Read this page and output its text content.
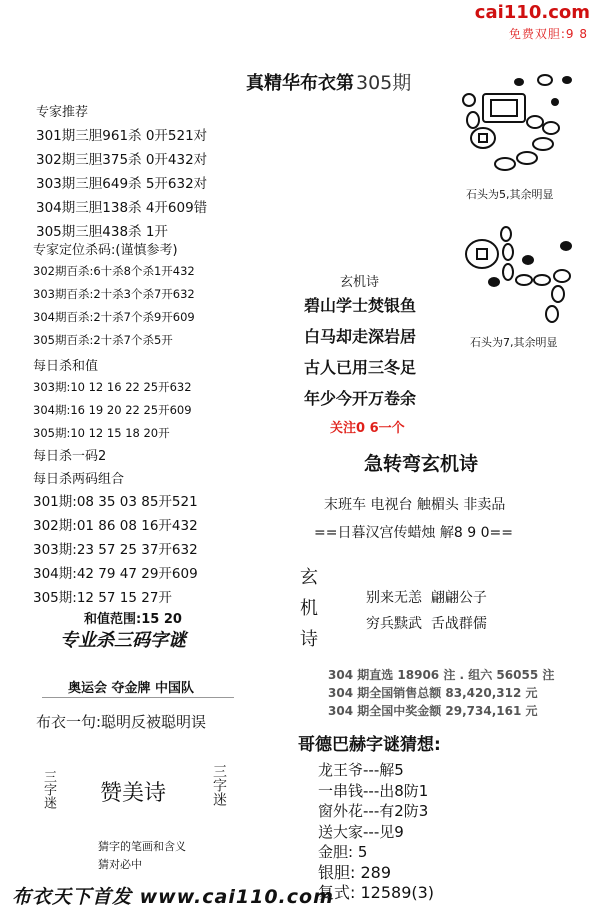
cai110.com
免费双胆:9 8
真精华布衣第 305期
专家推荐
301期三胆961杀 0开521对
302期三胆375杀 0开432对
303期三胆649杀 5开632对
304期三胆138杀 4开609错
305期三胆438杀 1开
专家定位杀码:(谨慎参考)
302期百杀:6十杀8个杀1开432
303期百杀:2十杀3个杀7开632
304期百杀:2十杀7个杀9开609
305期百杀:2十杀7个杀5开
每日杀和值
303期:10 12 16 22 25开632
304期:16 19 20 22 25开609
305期:10 12 15 18 20开
每日杀一码2
每日杀两码组合
301期:08 35 03 85开521
302期:01 86 08 16开432
303期:23 57 25 37开632
304期:42 79 47 29开609
305期:12 57 15 27开
和值范围:15 20
专业杀三码字谜
奥运会 夺金牌 中国队
布衣一句:聪明反被聪明误
三字迷 赞美诗	三字迷
猜字的笔画和含义
猜对必中
石头为5,其余明显
石头为7,其余明显
玄机诗
碧山学士焚银鱼
白马却走深岩居
古人已用三冬足
年少今开万卷余
关注0 6一个
急转弯玄机诗
末班车 电视台 触楣头 非卖品
==日暮汉宫传蜡烛 解8 9 0==
玄
机
诗
别来无恙  翩翩公子
穷兵黩武  舌战群儒
304 期直选 18906 注 . 组六 56055 注
304 期全国销售总额 83,420,312 元
304 期全国中奖金额 29,734,161 元
哥德巴赫字谜猜想:
龙王爷---解5
一串钱---出8防1
窗外花---有2防3
送大家---见9
金胆: 5
银胆: 289
复式: 12589(3)
布衣天下首发 www.cai110.com
